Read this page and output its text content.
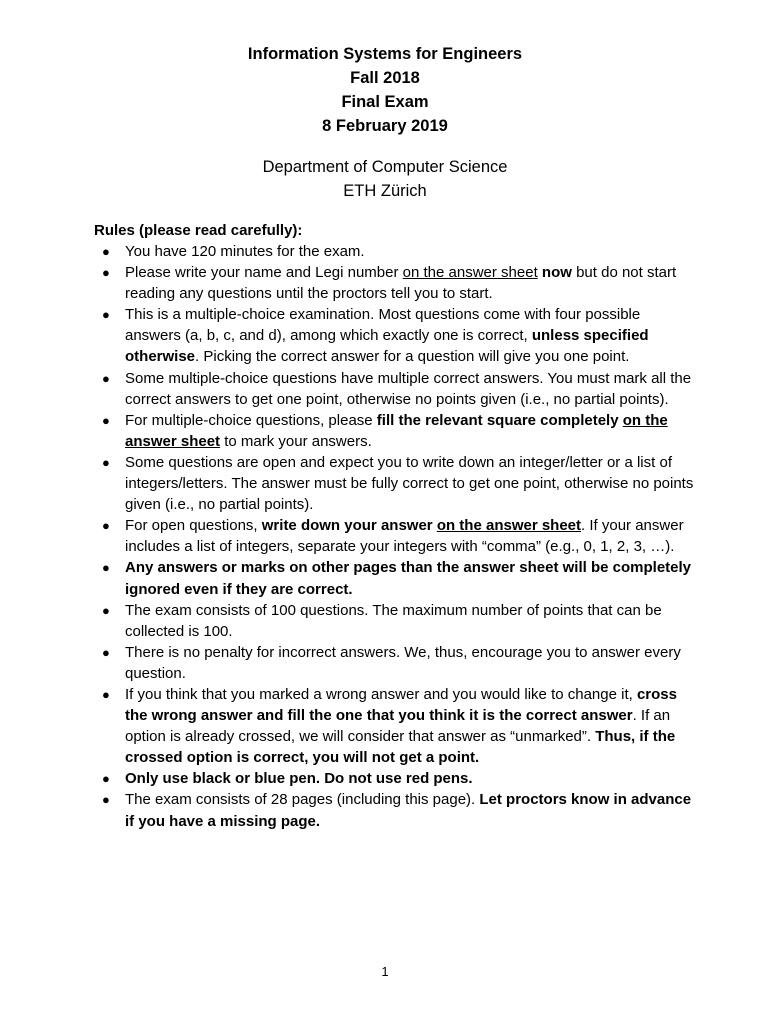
Information Systems for Engineers
Fall 2018
Final Exam
8 February 2019
Department of Computer Science
ETH Zürich
Rules (please read carefully):
●	You have 120 minutes for the exam.
●	Please write your name and Legi number on the answer sheet now but do not start reading any questions until the proctors tell you to start.
●	This is a multiple-choice examination. Most questions come with four possible answers (a, b, c, and d), among which exactly one is correct, unless specified otherwise. Picking the correct answer for a question will give you one point.
●	Some multiple-choice questions have multiple correct answers. You must mark all the correct answers to get one point, otherwise no points given (i.e., no partial points).
●	For multiple-choice questions, please fill the relevant square completely on the answer sheet to mark your answers.
●	Some questions are open and expect you to write down an integer/letter or a list of integers/letters. The answer must be fully correct to get one point, otherwise no points given (i.e., no partial points).
●	For open questions, write down your answer on the answer sheet. If your answer includes a list of integers, separate your integers with “comma” (e.g., 0, 1, 2, 3, …).
●	Any answers or marks on other pages than the answer sheet will be completely ignored even if they are correct.
●	The exam consists of 100 questions. The maximum number of points that can be collected is 100.
●	There is no penalty for incorrect answers. We, thus, encourage you to answer every question.
●	If you think that you marked a wrong answer and you would like to change it, cross the wrong answer and fill the one that you think it is the correct answer. If an option is already crossed, we will consider that answer as “unmarked”. Thus, if the crossed option is correct, you will not get a point.
●	Only use black or blue pen. Do not use red pens.
●	The exam consists of 28 pages (including this page). Let proctors know in advance if you have a missing page.
1
